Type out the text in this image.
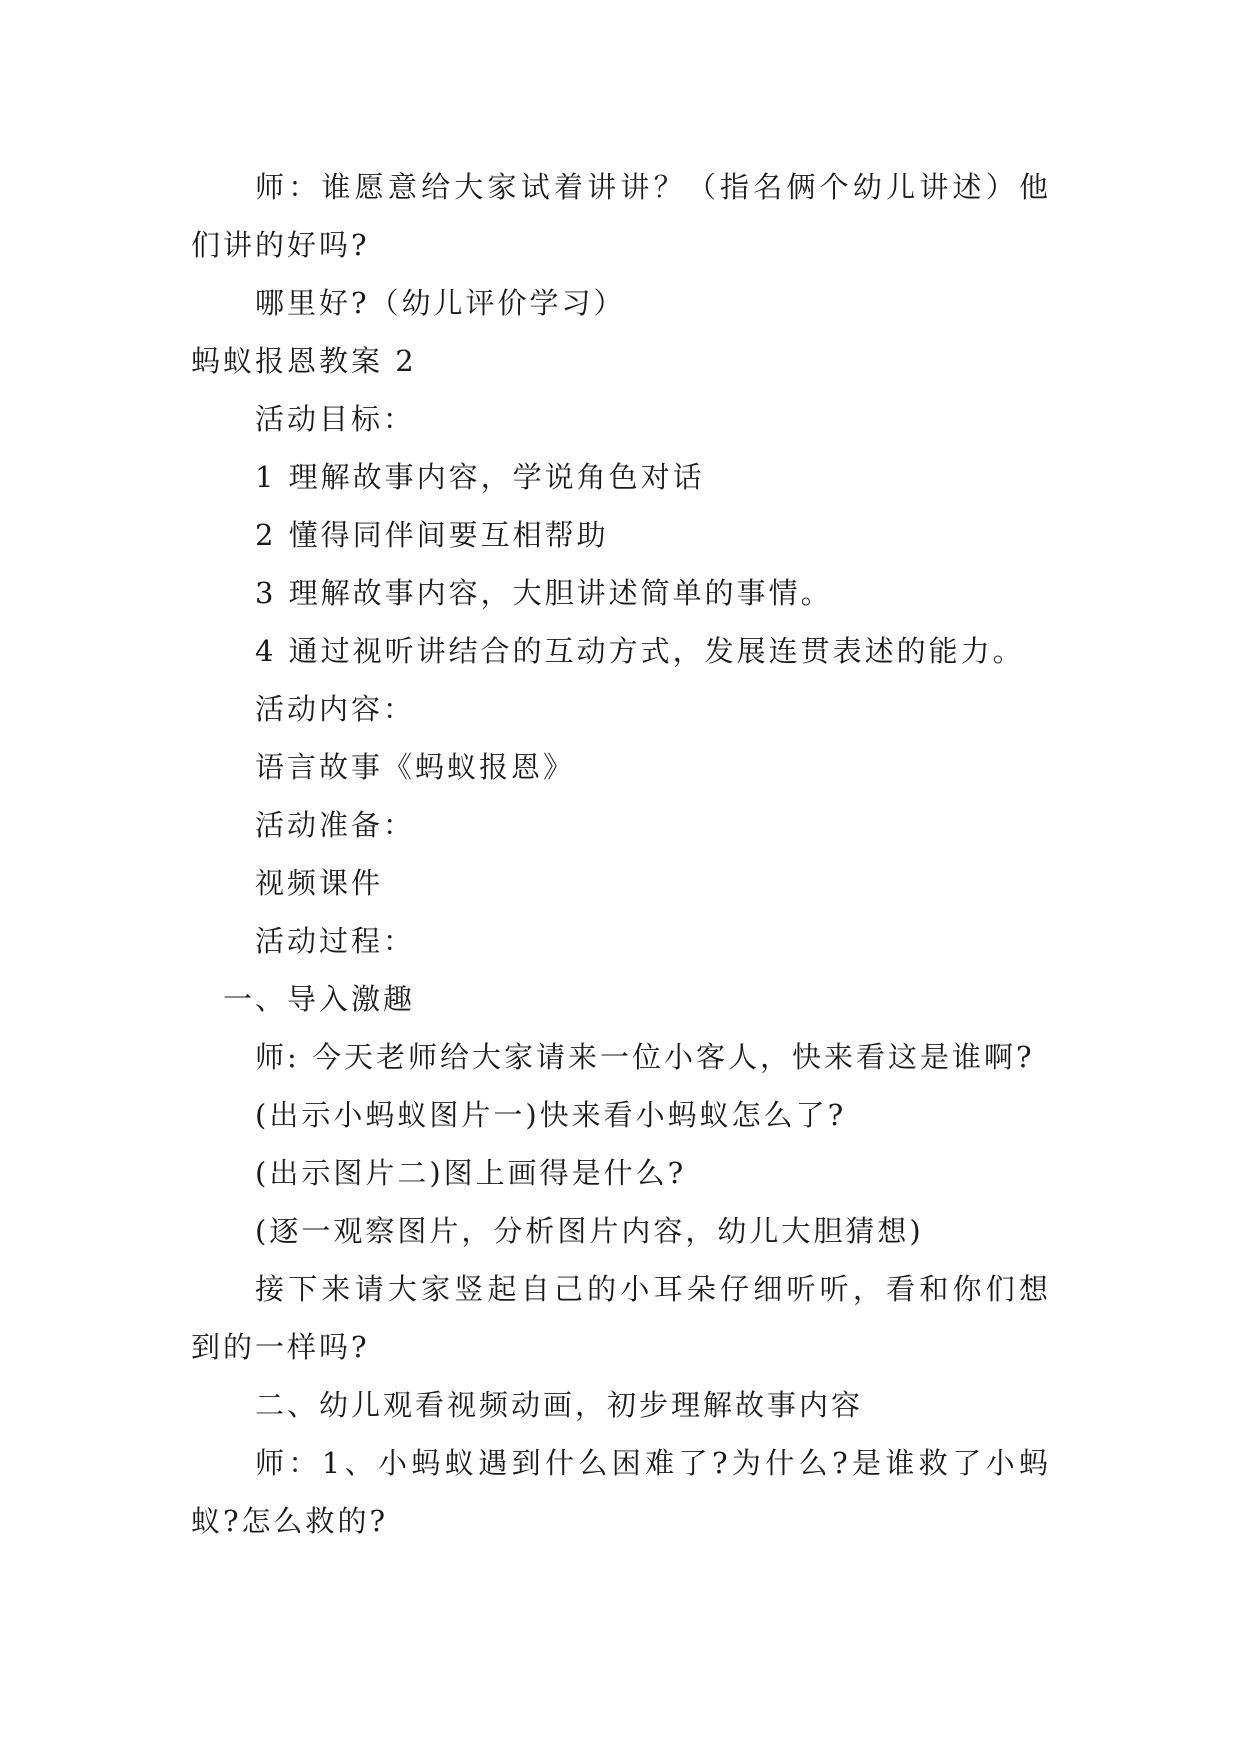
师：谁愿意给大家试着讲讲？（指名俩个幼儿讲述）他
们讲的好吗?
哪里好?（幼儿评价学习）
蚂蚁报恩教案 2
活动目标：
1 理解故事内容，学说角色对话
2 懂得同伴间要互相帮助
3 理解故事内容，大胆讲述简单的事情。
4 通过视听讲结合的互动方式，发展连贯表述的能力。
活动内容：
语言故事《蚂蚁报恩》
活动准备：
视频课件
活动过程：
一、导入激趣
师: 今天老师给大家请来一位小客人，快来看这是谁啊?
(出示小蚂蚁图片一)快来看小蚂蚁怎么了?
(出示图片二)图上画得是什么?
(逐一观察图片，分析图片内容，幼儿大胆猜想)
接下来请大家竖起自己的小耳朵仔细听听，看和你们想
到的一样吗?
二、幼儿观看视频动画，初步理解故事内容
师：1、小蚂蚁遇到什么困难了?为什么?是谁救了小蚂
蚁?怎么救的?
